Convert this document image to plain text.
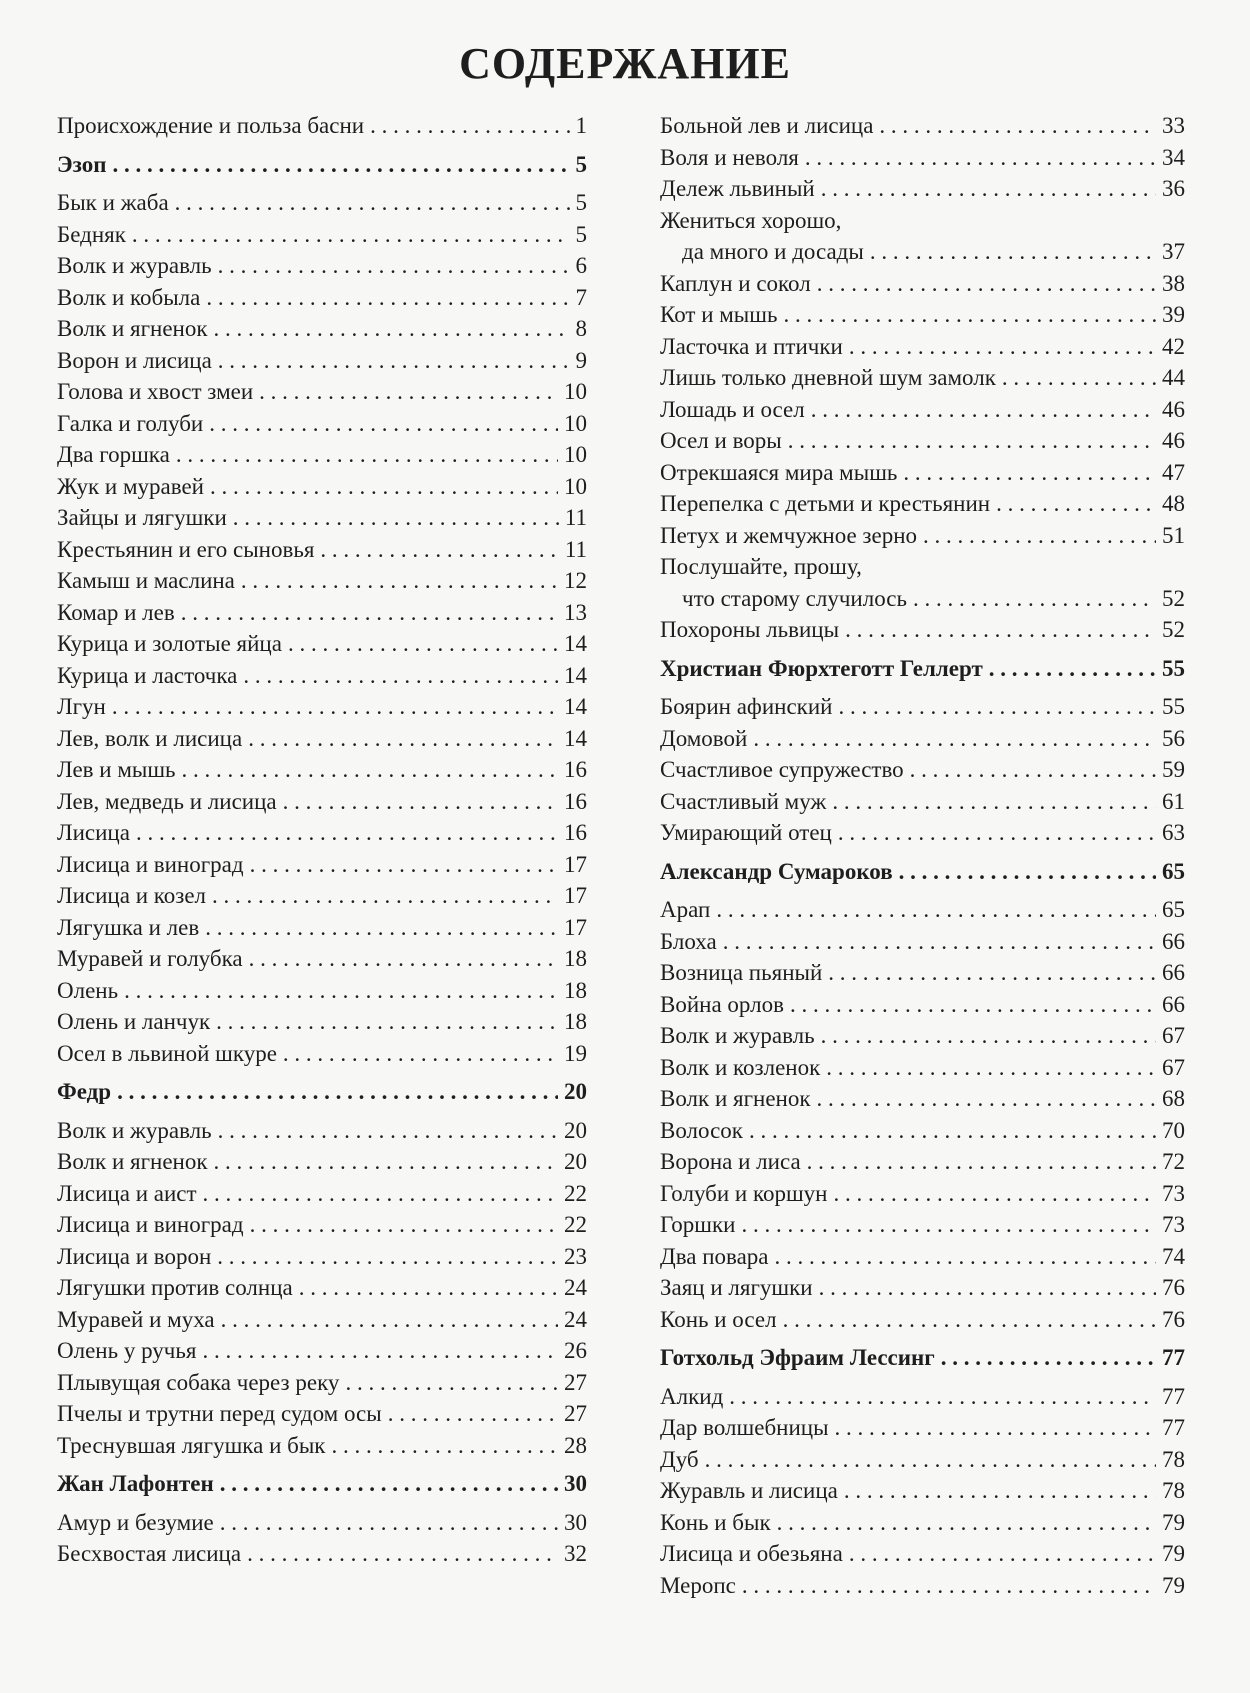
СОДЕРЖАНИЕ
Происхождение и польза басни . . .	1
Эзоп . . .	5
Бык и жаба . . .	5
Бедняк . . .	5
Волк и журавль . . .	6
Волк и кобыла . . .	7
Волк и ягненок . . .	8
Ворон и лисица . . .	9
Голова и хвост змеи . . .	10
Галка и голуби . . .	10
Два горшка . . .	10
Жук и муравей . . .	10
Зайцы и лягушки . . .	11
Крестьянин и его сыновья . . .	11
Камыш и маслина . . .	12
Комар и лев . . .	13
Курица и золотые яйца . . .	14
Курица и ласточка . . .	14
Лгун . . .	14
Лев, волк и лисица . . .	14
Лев и мышь . . .	16
Лев, медведь и лисица . . .	16
Лисица . . .	16
Лисица и виноград . . .	17
Лисица и козел . . .	17
Лягушка и лев . . .	17
Муравей и голубка . . .	18
Олень . . .	18
Олень и ланчук . . .	18
Осел в львиной шкуре . . .	19
Федр . . .	20
Волк и журавль . . .	20
Волк и ягненок . . .	20
Лисица и аист . . .	22
Лисица и виноград . . .	22
Лисица и ворон . . .	23
Лягушки против солнца . . .	24
Муравей и муха . . .	24
Олень у ручья . . .	26
Плывущая собака через реку . . .	27
Пчелы и трутни перед судом осы . . .	27
Треснувшая лягушка и бык . . .	28
Жан Лафонтен . . .	30
Амур и безумие . . .	30
Бесхвостая лисица . . .	32
Больной лев и лисица . . .	33
Воля и неволя . . .	34
Дележ львиный . . .	36
Жениться хорошо,
да много и досады . . .	37
Каплун и сокол . . .	38
Кот и мышь . . .	39
Ласточка и птички . . .	42
Лишь только дневной шум замолк . . .	44
Лошадь и осел . . .	46
Осел и воры . . .	46
Отрекшаяся мира мышь . . .	47
Перепелка с детьми и крестьянин . . .	48
Петух и жемчужное зерно . . .	51
Послушайте, прошу,
что старому случилось . . .	52
Похороны львицы . . .	52
Христиан Фюрхтеготт Геллерт . . .	55
Боярин афинский . . .	55
Домовой . . .	56
Счастливое супружество . . .	59
Счастливый муж . . .	61
Умирающий отец . . .	63
Александр Сумароков . . .	65
Арап . . .	65
Блоха . . .	66
Возница пьяный . . .	66
Война орлов . . .	66
Волк и журавль . . .	67
Волк и козленок . . .	67
Волк и ягненок . . .	68
Волосок . . .	70
Ворона и лиса . . .	72
Голуби и коршун . . .	73
Горшки . . .	73
Два повара . . .	74
Заяц и лягушки . . .	76
Конь и осел . . .	76
Готхольд Эфраим Лессинг . . .	77
Алкид . . .	77
Дар волшебницы . . .	77
Дуб . . .	78
Журавль и лисица . . .	78
Конь и бык . . .	79
Лисица и обезьяна . . .	79
Меропс . . .	79
